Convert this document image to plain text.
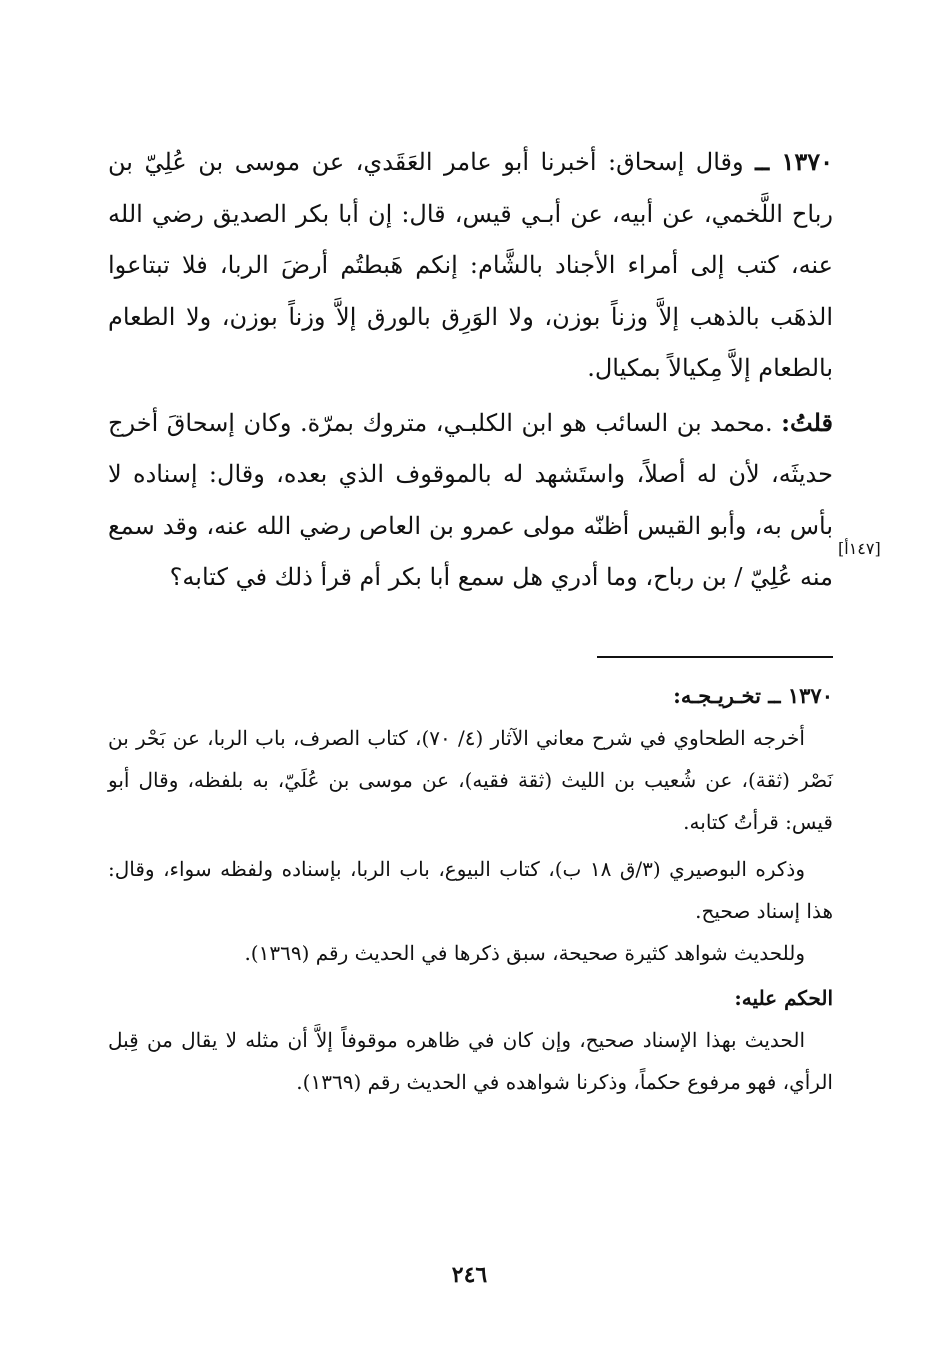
١٣٧٠ ــ وقال إسحاق: أخبرنا أبو عامر العَقَدي، عن موسى بن عُلِيّ بن رباح اللَّخمي، عن أبيه، عن أبـي قيس، قال: إن أبا بكر الصديق رضي الله عنه، كتب إلى أمراء الأجناد بالشَّام: إنكم هَبطتُم أرضَ الربا، فلا تبتاعوا الذهَب بالذهب إلاَّ وزناً بوزن، ولا الوَرِق بالورق إلاَّ وزناً بوزن، ولا الطعام بالطعام إلاَّ مِكيالاً بمكيال.

قلتُ: .محمد بن السائب هو ابن الكلبـي، متروك بمرّة. وكان إسحاقَ أخرج حديثَه، لأن له أصلاً، واستَشهد له بالموقوف الذي بعده، وقال: إسناده لا بأس به، وأبو القيس أظنّه مولى عمرو بن العاص رضي الله عنه، وقد سمع منه عُلِيّ / بن رباح، وما أدري هل سمع أبا بكر أم قرأ ذلك في كتابه؟

[١٤٧أ]

١٣٧٠ ــ تخـريـجـه:

أخرجه الطحاوي في شرح معاني الآثار (٤/ ٧٠)، كتاب الصرف، باب الربا، عن بَحْر بن نَصْر (ثقة)، عن شُعيب بن الليث (ثقة فقيه)، عن موسى بن عُلَيّ، به بلفظه، وقال أبو قيس: قرأتُ كتابه.

وذكره البوصيري (٣/ق ١٨ ب)، كتاب البيوع، باب الربا، بإسناده ولفظه سواء، وقال: هذا إسناد صحيح.

وللحديث شواهد كثيرة صحيحة، سبق ذكرها في الحديث رقم (١٣٦٩).

الحكم عليه:

الحديث بهذا الإسناد صحيح، وإن كان في ظاهره موقوفاً إلاَّ أن مثله لا يقال من قِبل الرأي، فهو مرفوع حكماً، وذكرنا شواهده في الحديث رقم (١٣٦٩).

٢٤٦
